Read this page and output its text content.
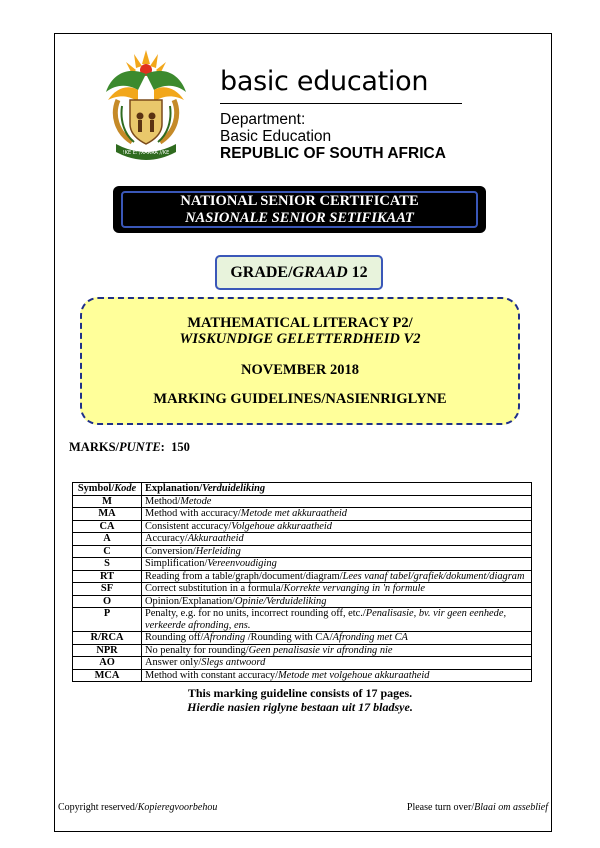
!KE E: /XARRA //KE
basic education
Department:
Basic Education
REPUBLIC OF SOUTH AFRICA
NATIONAL SENIOR CERTIFICATE
NASIONALE SENIOR SETIFIKAAT
GRADE/GRAAD 12
MATHEMATICAL LITERACY P2/
WISKUNDIGE GELETTERDHEID V2
NOVEMBER 2018
MARKING GUIDELINES/NASIENRIGLYNE
MARKS/PUNTE: 150
Symbol/Kode	Explanation/Verduideliking
M	Method/Metode
MA	Method with accuracy/Metode met akkuraatheid
CA	Consistent accuracy/Volgehoue akkuraatheid
A	Accuracy/Akkuraatheid
C	Conversion/Herleiding
S	Simplification/Vereenvoudiging
RT	Reading from a table/graph/document/diagram/Lees vanaf tabel/grafiek/dokument/diagram
SF	Correct substitution in a formula/Korrekte vervanging in 'n formule
O	Opinion/Explanation/Opinie/Verduideliking
P	Penalty, e.g. for no units, incorrect rounding off, etc./Penalisasie, bv. vir geen eenhede, verkeerde afronding, ens.
R/RCA	Rounding off/Afronding /Rounding with CA/Afronding met CA
NPR	No penalty for rounding/Geen penalisasie vir afronding nie
AO	Answer only/Slegs antwoord
MCA	Method with constant accuracy/Metode met volgehoue akkuraatheid
This marking guideline consists of 17 pages.
Hierdie nasien riglyne bestaan uit 17 bladsye.
Copyright reserved/Kopieregvoorbehou	Please turn over/Blaai om asseblief
